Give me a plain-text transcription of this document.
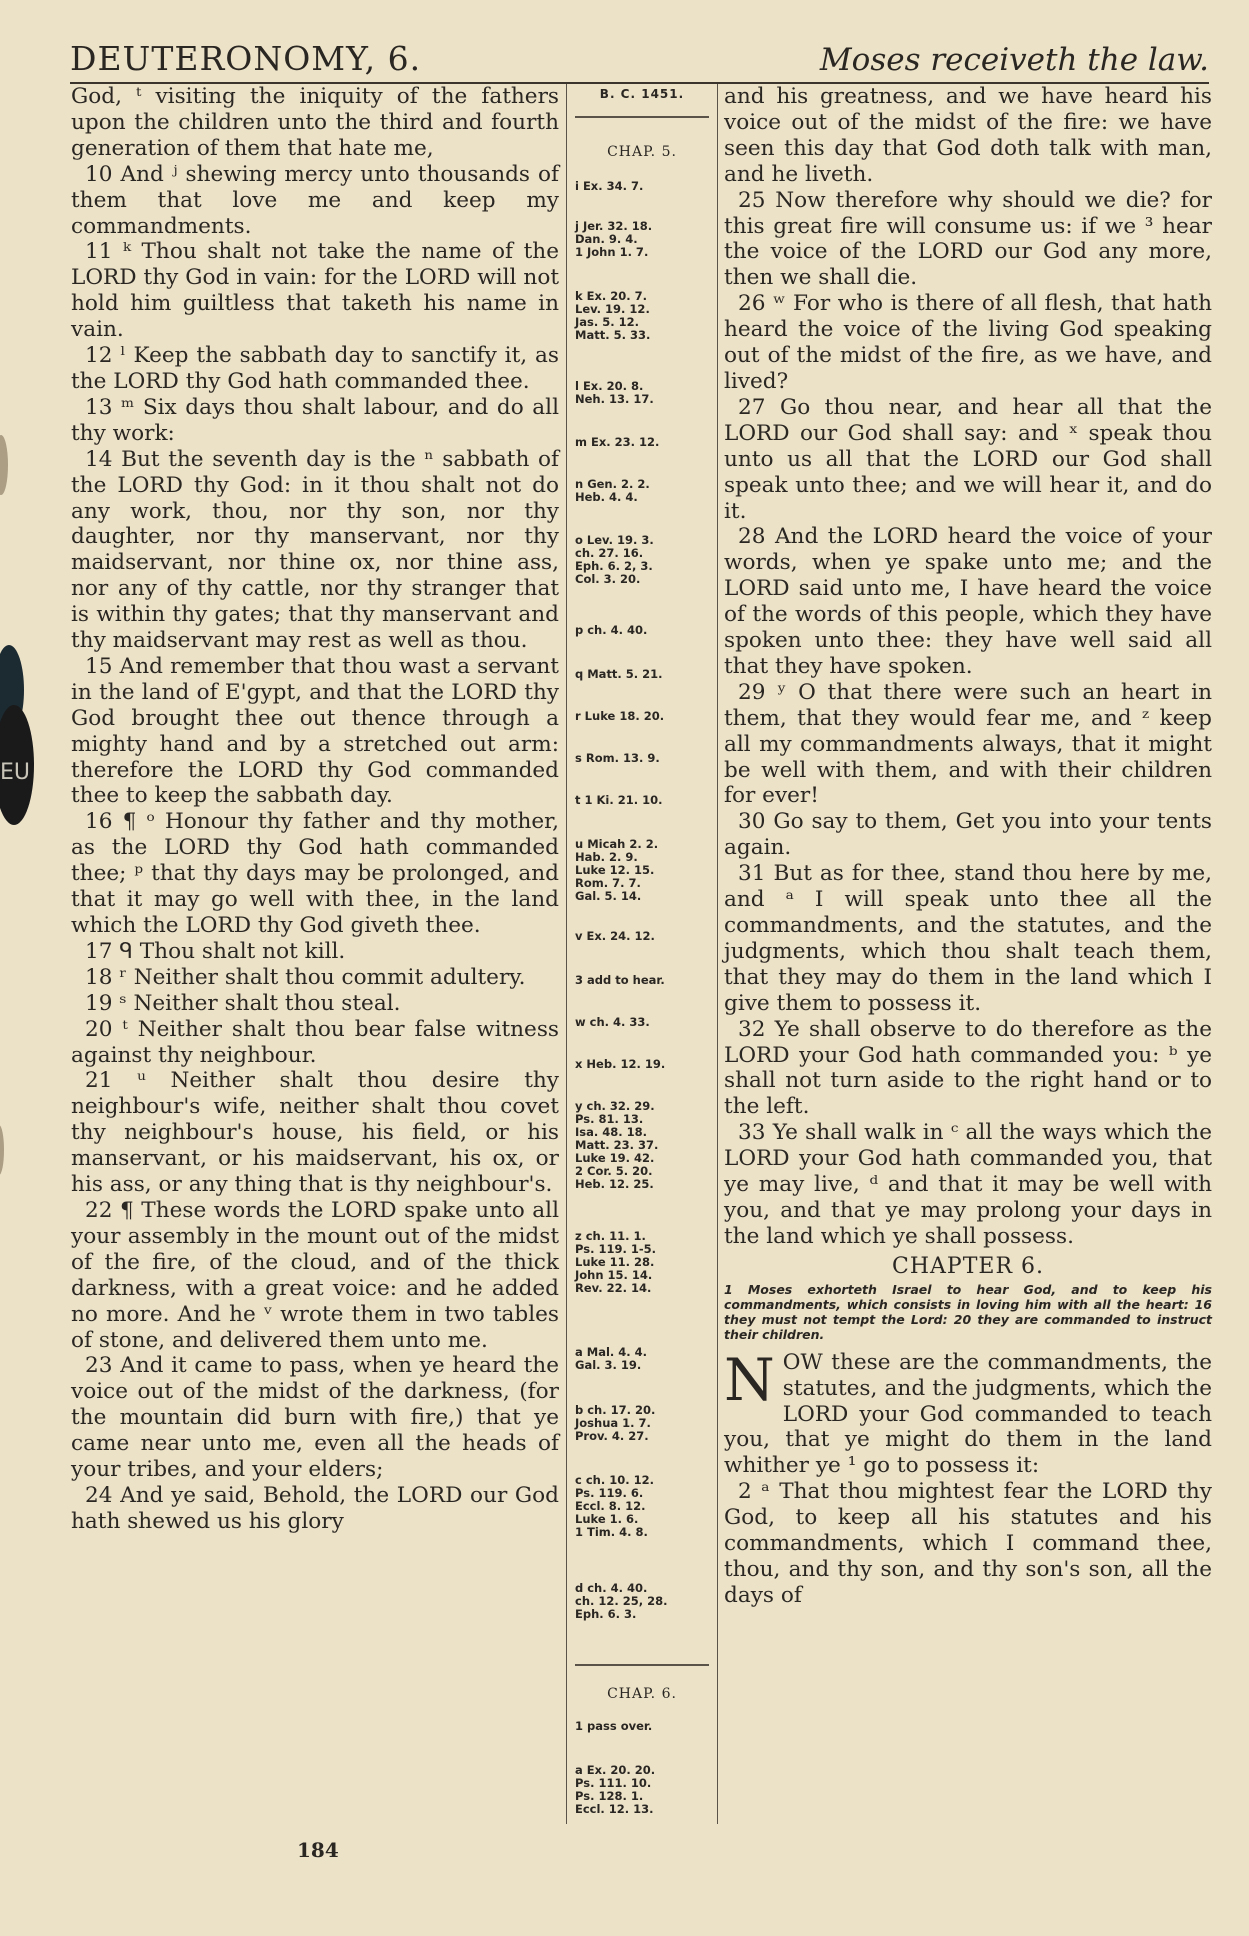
EU
DEUTERONOMY, 6.	Moses receiveth the law.

God, ᵗ visiting the iniquity of the fathers upon the children unto the third and fourth generation of them that hate me,

10 And ʲ shewing mercy unto thousands of them that love me and keep my commandments.

11 ᵏ Thou shalt not take the name of the LORD thy God in vain: for the LORD will not hold him guiltless that taketh his name in vain.

12 ˡ Keep the sabbath day to sanctify it, as the LORD thy God hath commanded thee.

13 ᵐ Six days thou shalt labour, and do all thy work:

14 But the seventh day is the ⁿ sabbath of the LORD thy God: in it thou shalt not do any work, thou, nor thy son, nor thy daughter, nor thy manservant, nor thy maidservant, nor thine ox, nor thine ass, nor any of thy cattle, nor thy stranger that is within thy gates; that thy manservant and thy maidservant may rest as well as thou.

15 And remember that thou wast a servant in the land of E'gypt, and that the LORD thy God brought thee out thence through a mighty hand and by a stretched out arm: therefore the LORD thy God commanded thee to keep the sabbath day.

16 ¶ ᵒ Honour thy father and thy mother, as the LORD thy God hath commanded thee; ᵖ that thy days may be prolonged, and that it may go well with thee, in the land which the LORD thy God giveth thee.

17 ᑫ Thou shalt not kill.

18 ʳ Neither shalt thou commit adultery.

19 ˢ Neither shalt thou steal.

20 ᵗ Neither shalt thou bear false witness against thy neighbour.

21 ᵘ Neither shalt thou desire thy neighbour's wife, neither shalt thou covet thy neighbour's house, his field, or his manservant, or his maidservant, his ox, or his ass, or any thing that is thy neighbour's.

22 ¶ These words the LORD spake unto all your assembly in the mount out of the midst of the fire, of the cloud, and of the thick darkness, with a great voice: and he added no more. And he ᵛ wrote them in two tables of stone, and delivered them unto me.

23 And it came to pass, when ye heard the voice out of the midst of the darkness, (for the mountain did burn with fire,) that ye came near unto me, even all the heads of your tribes, and your elders;

24 And ye said, Behold, the LORD our God hath shewed us his glory

B. C. 1451.
CHAP. 5.
i Ex. 34. 7.
j Jer. 32. 18.
Dan. 9. 4.
1 John 1. 7.
k Ex. 20. 7.
Lev. 19. 12.
Jas. 5. 12.
Matt. 5. 33.
l Ex. 20. 8.
Neh. 13. 17.
m Ex. 23. 12.
n Gen. 2. 2.
Heb. 4. 4.
o Lev. 19. 3.
ch. 27. 16.
Eph. 6. 2, 3.
Col. 3. 20.
p ch. 4. 40.
q Matt. 5. 21.
r Luke 18. 20.
s Rom. 13. 9.
t 1 Ki. 21. 10.
u Micah 2. 2.
Hab. 2. 9.
Luke 12. 15.
Rom. 7. 7.
Gal. 5. 14.
v Ex. 24. 12.
3 add to hear.
w ch. 4. 33.
x Heb. 12. 19.
y ch. 32. 29.
Ps. 81. 13.
Isa. 48. 18.
Matt. 23. 37.
Luke 19. 42.
2 Cor. 5. 20.
Heb. 12. 25.
z ch. 11. 1.
Ps. 119. 1-5.
Luke 11. 28.
John 15. 14.
Rev. 22. 14.
a Mal. 4. 4.
Gal. 3. 19.
b ch. 17. 20.
Joshua 1. 7.
Prov. 4. 27.
c ch. 10. 12.
Ps. 119. 6.
Eccl. 8. 12.
Luke 1. 6.
1 Tim. 4. 8.
d ch. 4. 40.
ch. 12. 25, 28.
Eph. 6. 3.
CHAP. 6.
1 pass over.
a Ex. 20. 20.
Ps. 111. 10.
Ps. 128. 1.
Eccl. 12. 13.

and his greatness, and we have heard his voice out of the midst of the fire: we have seen this day that God doth talk with man, and he liveth.

25 Now therefore why should we die? for this great fire will consume us: if we ³ hear the voice of the LORD our God any more, then we shall die.

26 ʷ For who is there of all flesh, that hath heard the voice of the living God speaking out of the midst of the fire, as we have, and lived?

27 Go thou near, and hear all that the LORD our God shall say: and ˣ speak thou unto us all that the LORD our God shall speak unto thee; and we will hear it, and do it.

28 And the LORD heard the voice of your words, when ye spake unto me; and the LORD said unto me, I have heard the voice of the words of this people, which they have spoken unto thee: they have well said all that they have spoken.

29 ʸ O that there were such an heart in them, that they would fear me, and ᶻ keep all my commandments always, that it might be well with them, and with their children for ever!

30 Go say to them, Get you into your tents again.

31 But as for thee, stand thou here by me, and ᵃ I will speak unto thee all the commandments, and the statutes, and the judgments, which thou shalt teach them, that they may do them in the land which I give them to possess it.

32 Ye shall observe to do therefore as the LORD your God hath commanded you: ᵇ ye shall not turn aside to the right hand or to the left.

33 Ye shall walk in ᶜ all the ways which the LORD your God hath commanded you, that ye may live, ᵈ and that it may be well with you, and that ye may prolong your days in the land which ye shall possess.

CHAPTER 6.
1 Moses exhorteth Israel to hear God, and to keep his commandments, which consists in loving him with all the heart: 16 they must not tempt the Lord: 20 they are commanded to instruct their children.

N OW these are the commandments, the statutes, and the judgments, which the LORD your God commanded to teach you, that ye might do them in the land whither ye ¹ go to possess it:

2 ᵃ That thou mightest fear the LORD thy God, to keep all his statutes and his commandments, which I command thee, thou, and thy son, and thy son's son, all the days of

184
